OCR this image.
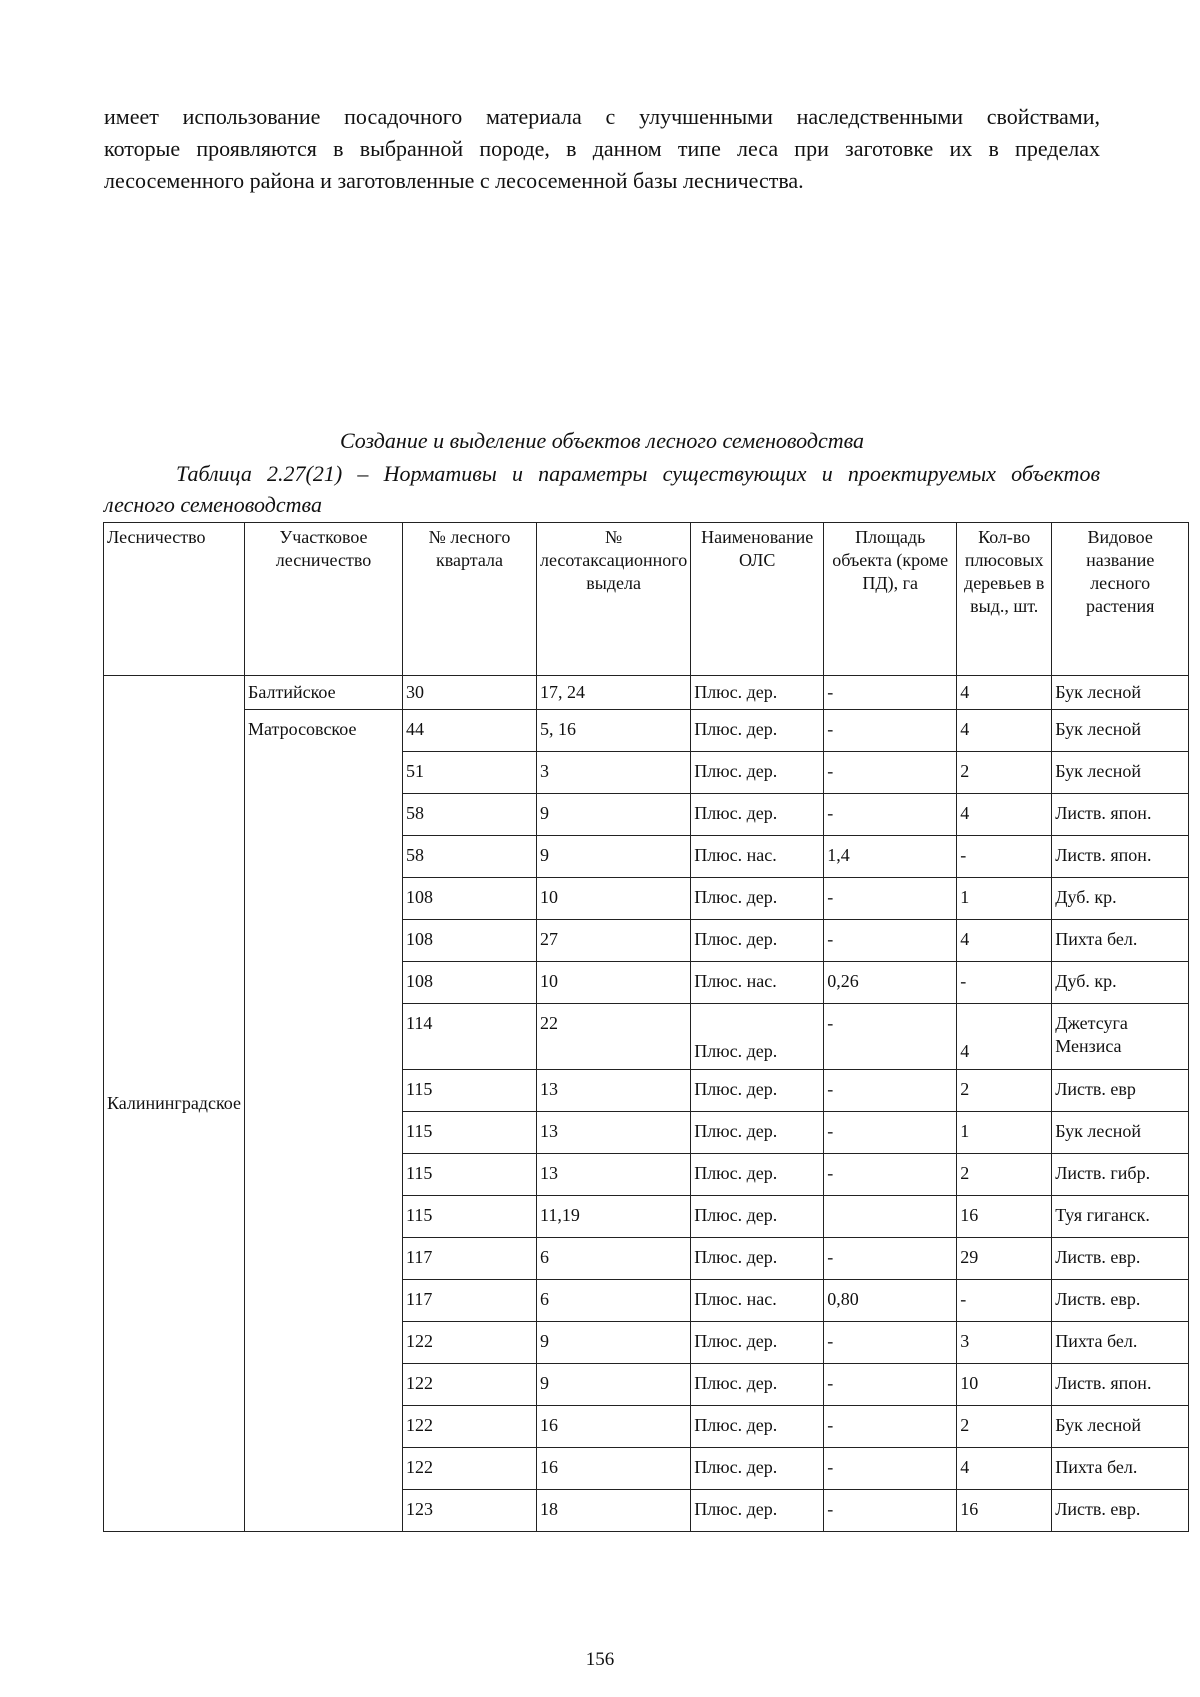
имеет использование посадочного материала с улучшенными наследственными свойствами,
которые проявляются в выбранной породе, в данном типе леса при заготовке их в пределах
лесосеменного района и заготовленные с лесосеменной базы лесничества.
Создание и выделение объектов лесного семеноводства
Таблица 2.27(21) – Нормативы и параметры существующих и проектируемых объектов
лесного семеноводства
Лесничество	Участковое лесничество	№ лесного квартала	№ лесотаксационного выдела	Наименование ОЛС	Площадь объекта (кроме ПД), га	Кол-во плюсовых деревьев в выд., шт.	Видовое название лесного растения
Калининградское	Балтийское	30	17, 24	Плюс. дер.	-	4	Бук лесной
	Матросовское	44	5, 16	Плюс. дер.	-	4	Бук лесной
		51	3	Плюс. дер.	-	2	Бук лесной
		58	9	Плюс. дер.	-	4	Листв. япон.
		58	9	Плюс. нас.	1,4	-	Листв. япон.
		108	10	Плюс. дер.	-	1	Дуб. кр.
		108	27	Плюс. дер.	-	4	Пихта бел.
		108	10	Плюс. нас.	0,26	-	Дуб. кр.
		114	22	Плюс. дер.	-	4	Джетсуга Мензиса
		115	13	Плюс. дер.	-	2	Листв. евр
		115	13	Плюс. дер.	-	1	Бук лесной
		115	13	Плюс. дер.	-	2	Листв. гибр.
		115	11,19	Плюс. дер.		16	Туя гиганск.
		117	6	Плюс. дер.	-	29	Листв. евр.
		117	6	Плюс. нас.	0,80	-	Листв. евр.
		122	9	Плюс. дер.	-	3	Пихта бел.
		122	9	Плюс. дер.	-	10	Листв. япон.
		122	16	Плюс. дер.	-	2	Бук лесной
		122	16	Плюс. дер.	-	4	Пихта бел.
		123	18	Плюс. дер.	-	16	Листв. евр.
156
